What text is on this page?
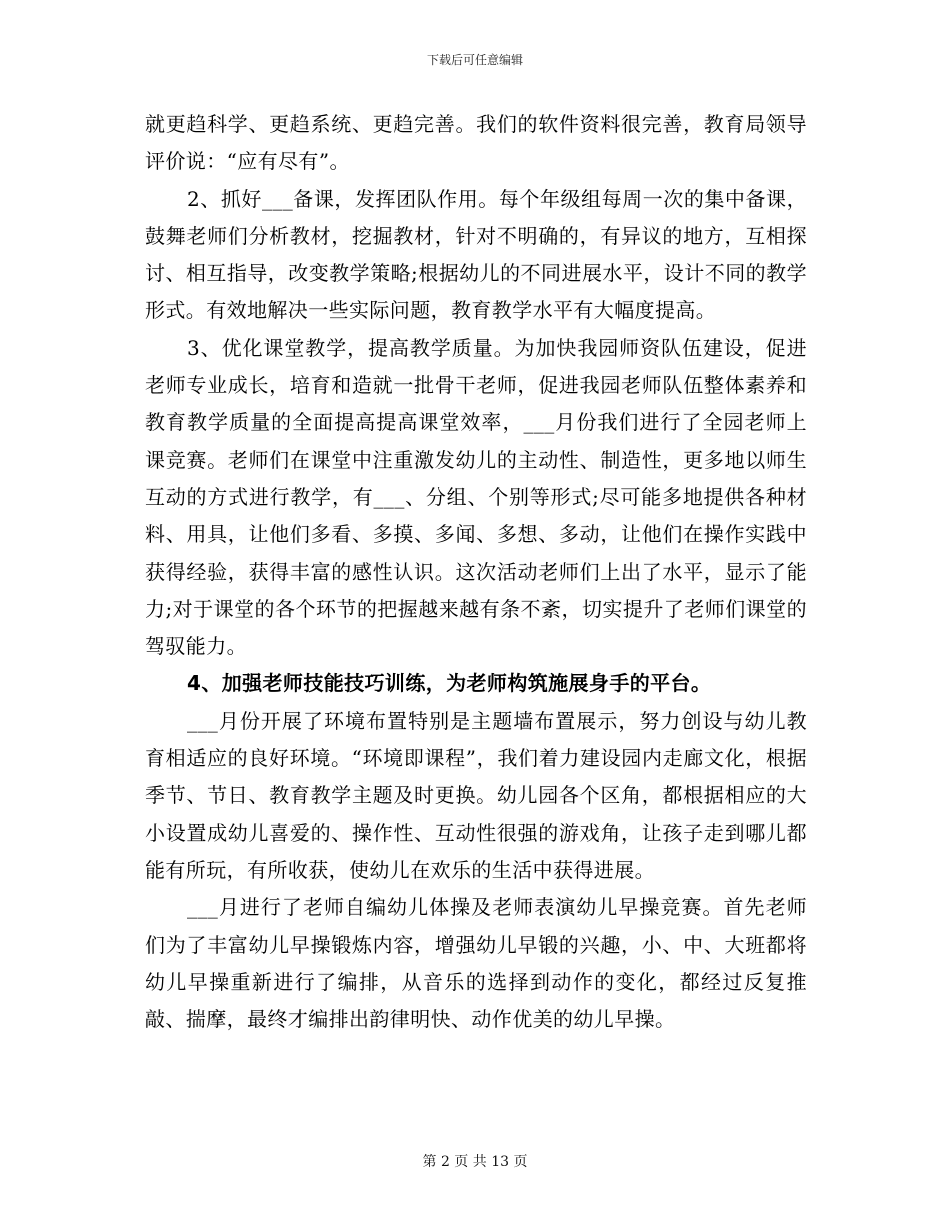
下载后可任意编辑

就更趋科学、更趋系统、更趋完善。我们的软件资料很完善，教育局领导评价说：“应有尽有”。

2、抓好___备课，发挥团队作用。每个年级组每周一次的集中备课，鼓舞老师们分析教材，挖掘教材，针对不明确的，有异议的地方，互相探讨、相互指导，改变教学策略;根据幼儿的不同进展水平，设计不同的教学形式。有效地解决一些实际问题，教育教学水平有大幅度提高。

3、优化课堂教学，提高教学质量。为加快我园师资队伍建设，促进老师专业成长，培育和造就一批骨干老师，促进我园老师队伍整体素养和教育教学质量的全面提高提高课堂效率，___月份我们进行了全园老师上课竞赛。老师们在课堂中注重激发幼儿的主动性、制造性，更多地以师生互动的方式进行教学，有___、分组、个别等形式;尽可能多地提供各种材料、用具，让他们多看、多摸、多闻、多想、多动，让他们在操作实践中获得经验，获得丰富的感性认识。这次活动老师们上出了水平，显示了能力;对于课堂的各个环节的把握越来越有条不紊，切实提升了老师们课堂的驾驭能力。

4、加强老师技能技巧训练，为老师构筑施展身手的平台。

___月份开展了环境布置特别是主题墙布置展示，努力创设与幼儿教育相适应的良好环境。“环境即课程”，我们着力建设园内走廊文化，根据季节、节日、教育教学主题及时更换。幼儿园各个区角，都根据相应的大小设置成幼儿喜爱的、操作性、互动性很强的游戏角，让孩子走到哪儿都能有所玩，有所收获，使幼儿在欢乐的生活中获得进展。

___月进行了老师自编幼儿体操及老师表演幼儿早操竞赛。首先老师们为了丰富幼儿早操锻炼内容，增强幼儿早锻的兴趣，小、中、大班都将幼儿早操重新进行了编排，从音乐的选择到动作的变化，都经过反复推敲、揣摩，最终才编排出韵律明快、动作优美的幼儿早操。

第 2 页 共 13 页
